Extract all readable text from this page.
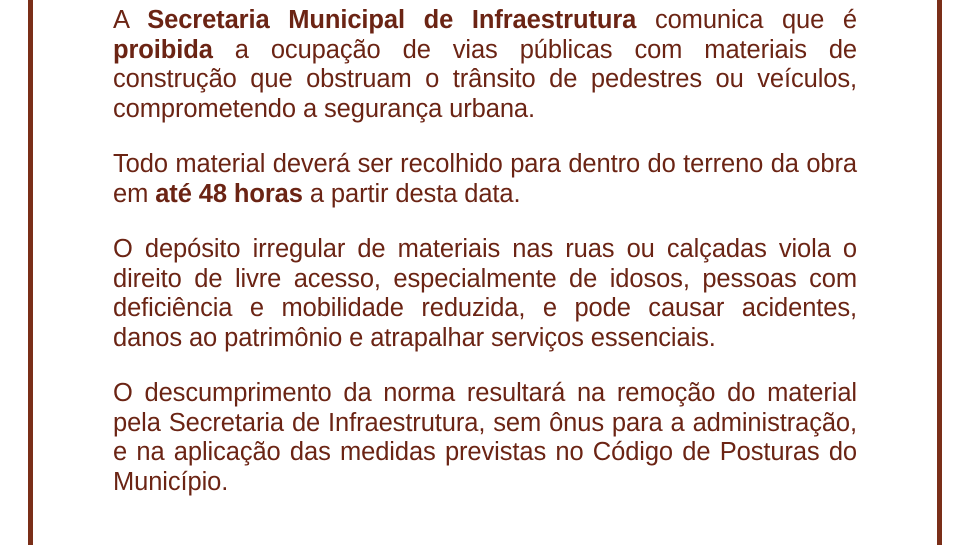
A Secretaria Municipal de Infraestrutura comunica que é proibida a ocupação de vias públicas com materiais de construção que obstruam o trânsito de pedestres ou veículos, comprometendo a segurança urbana.

Todo material deverá ser recolhido para dentro do terreno da obra em até 48 horas a partir desta data.

O depósito irregular de materiais nas ruas ou calçadas viola o direito de livre acesso, especialmente de idosos, pessoas com deficiência e mobilidade reduzida, e pode causar acidentes, danos ao patrimônio e atrapalhar serviços essenciais.

O descumprimento da norma resultará na remoção do material pela Secretaria de Infraestrutura, sem ônus para a administração, e na aplicação das medidas previstas no Código de Posturas do Município.
